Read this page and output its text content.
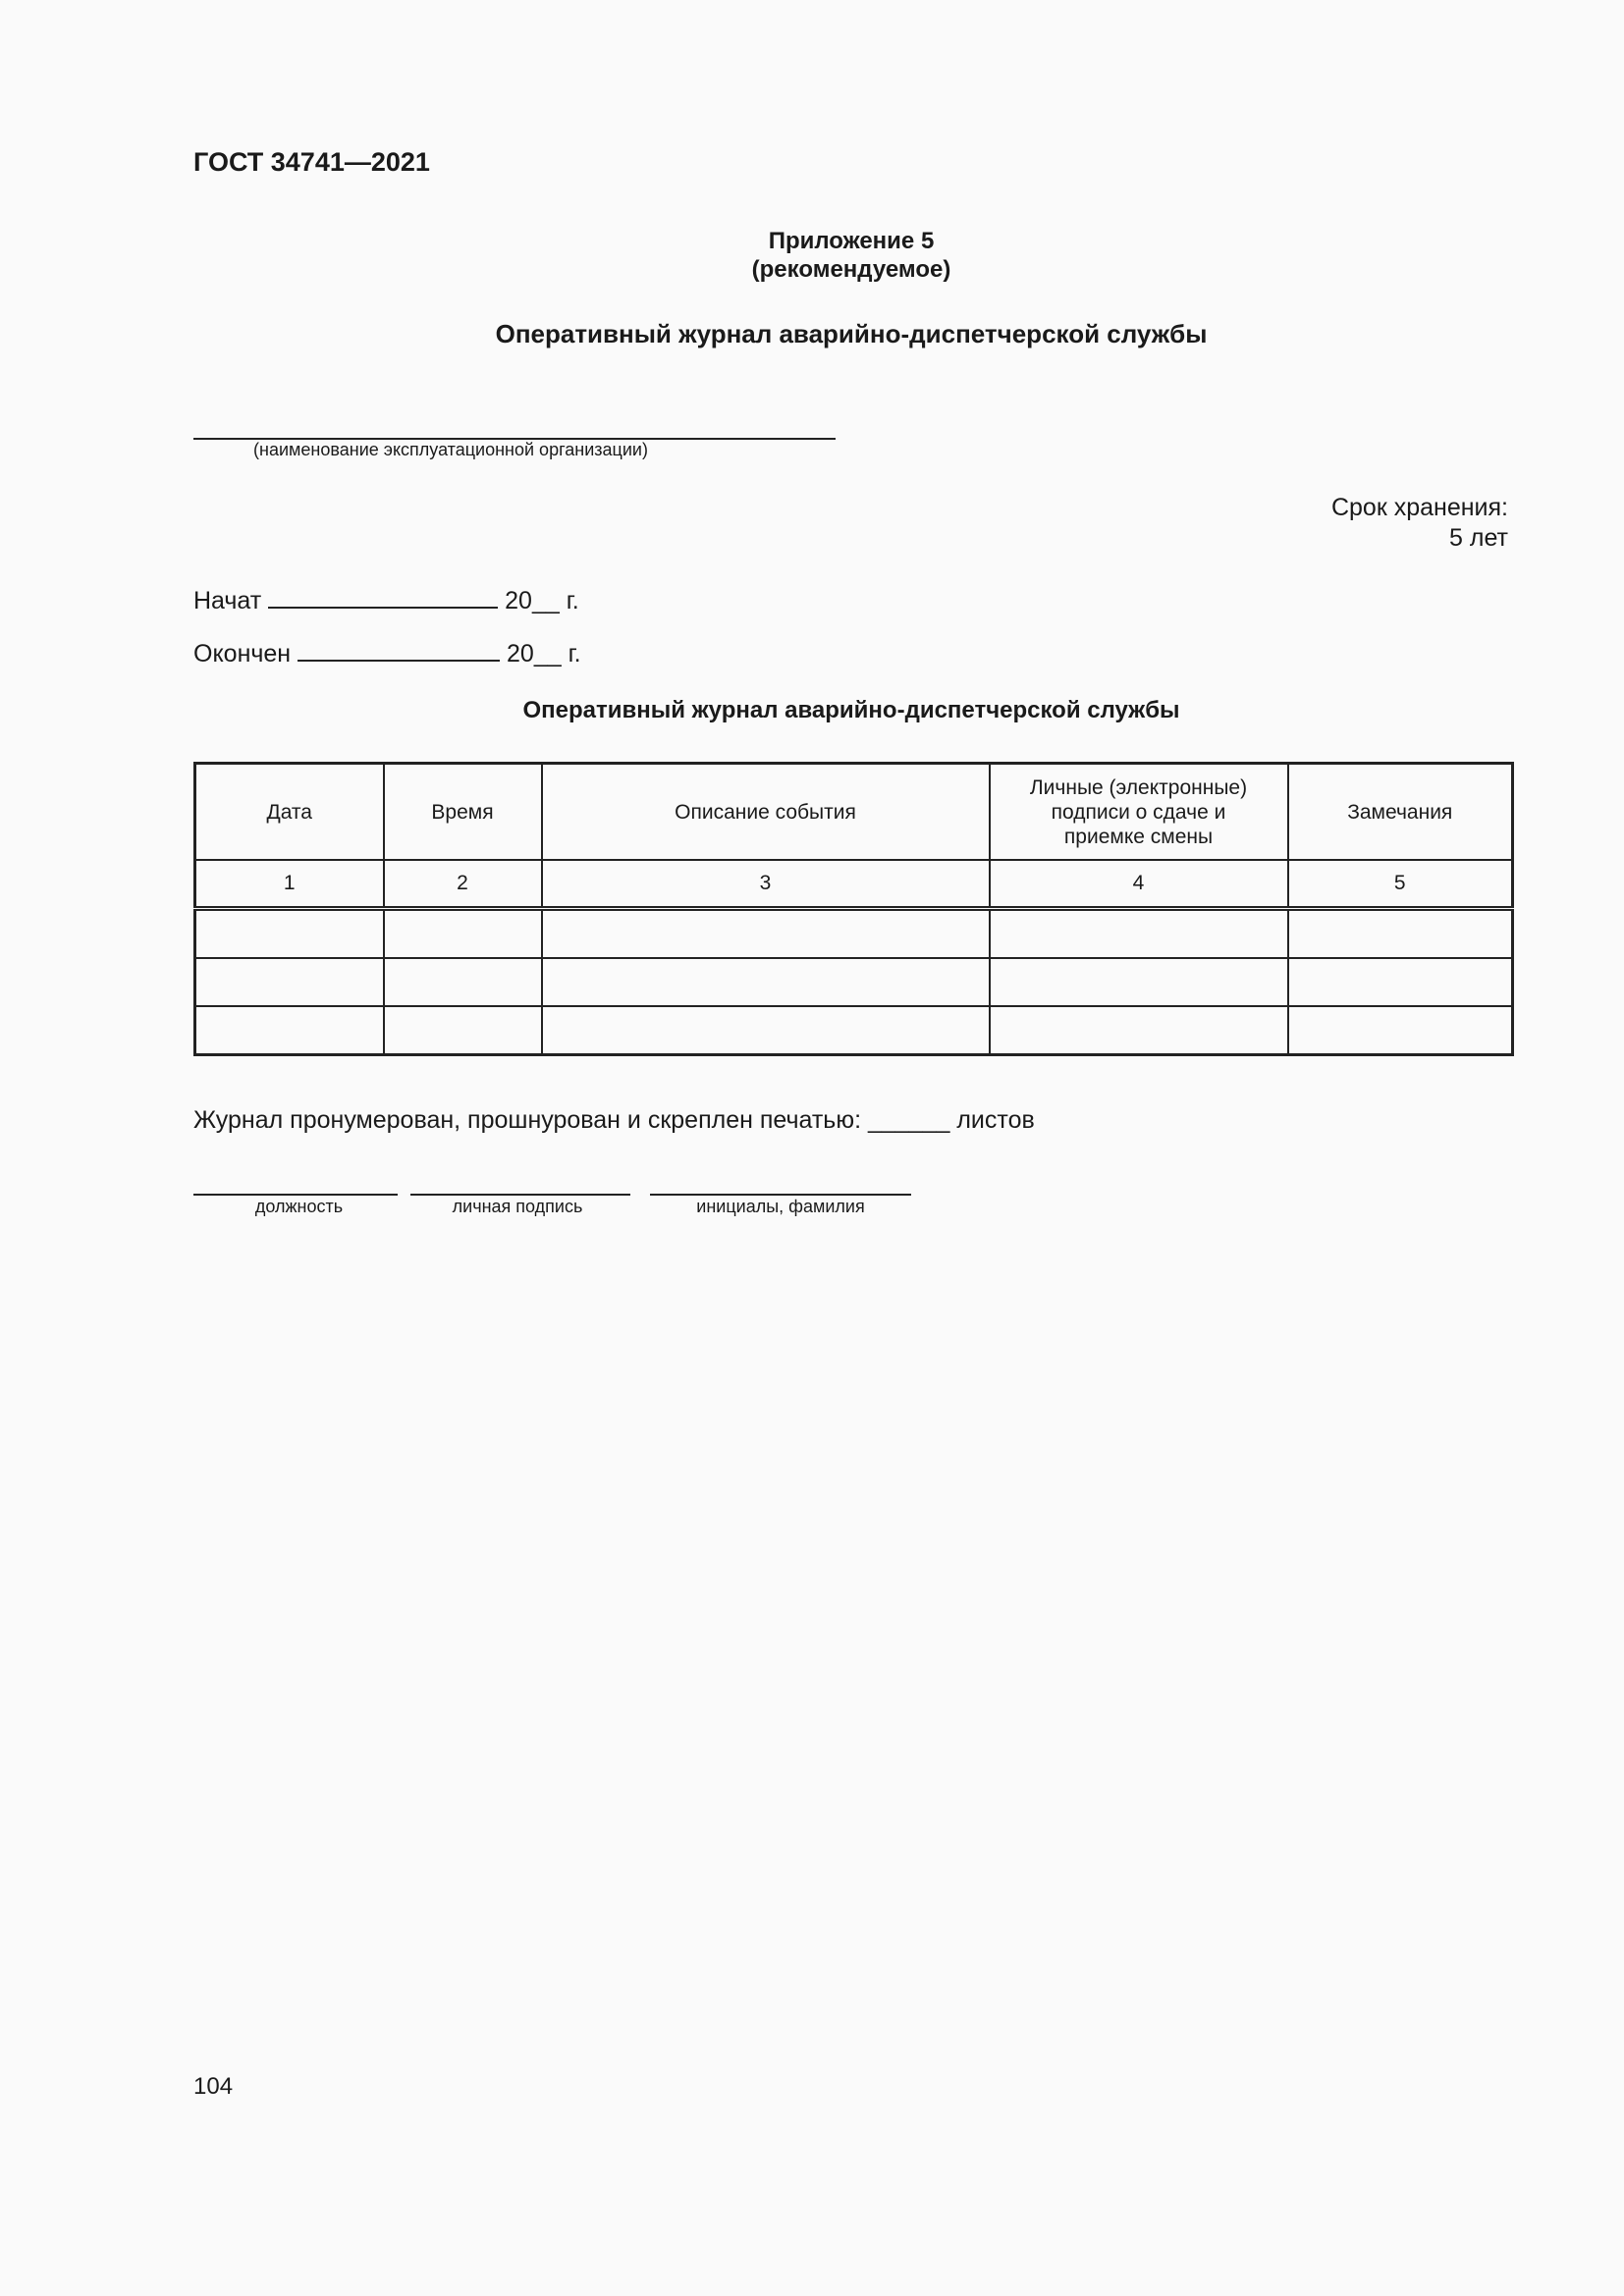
ГОСТ 34741—2021
Приложение 5
(рекомендуемое)
Оперативный журнал аварийно-диспетчерской службы
(наименование эксплуатационной организации)
Срок хранения:
5 лет
Начат	20__ г.
Окончен	20__ г.
Оперативный журнал аварийно-диспетчерской службы
Дата	Время	Описание события	Личные (электронные) подписи о сдаче и приемке смены	Замечания
1	2	3	4	5

Журнал пронумерован, прошнурован и скреплен печатью: ______ листов
должность	личная подпись	инициалы, фамилия
104
